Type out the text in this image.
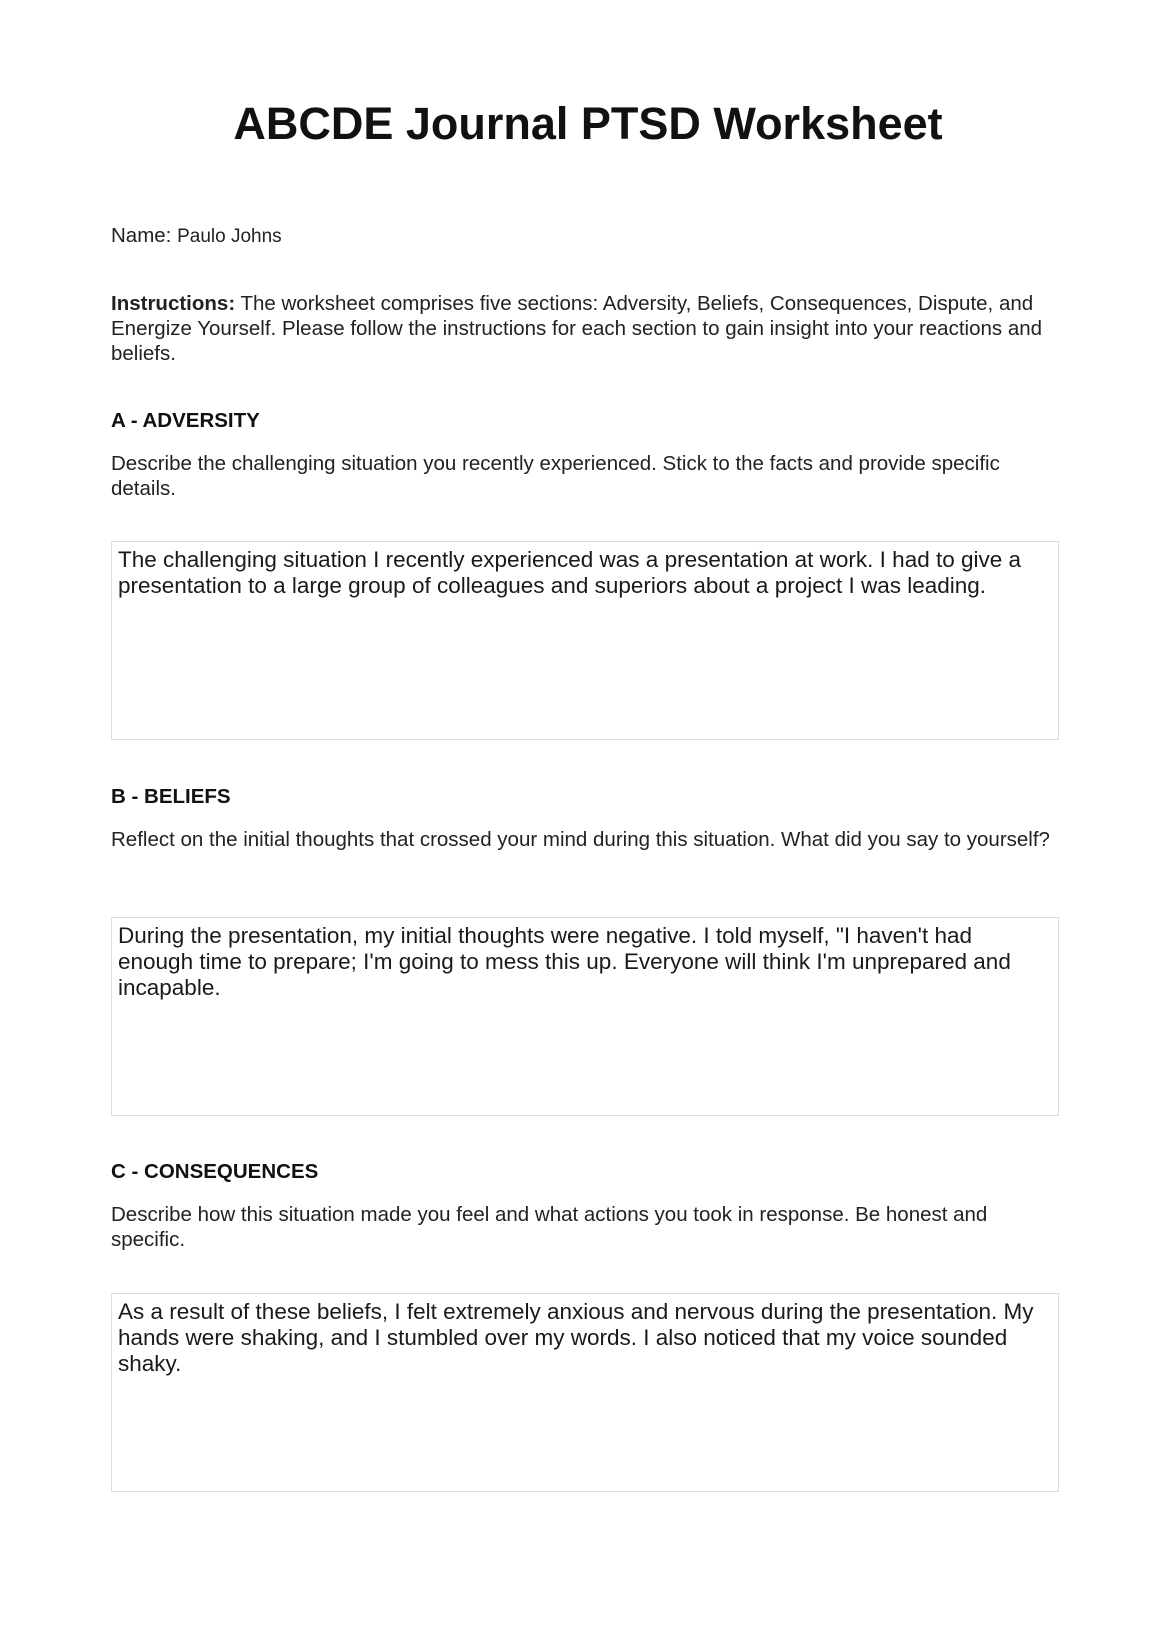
ABCDE Journal PTSD Worksheet
Name: Paulo Johns
Instructions: The worksheet comprises five sections: Adversity, Beliefs, Consequences, Dispute, and Energize Yourself. Please follow the instructions for each section to gain insight into your reactions and beliefs.
A - ADVERSITY
Describe the challenging situation you recently experienced. Stick to the facts and provide specific details.
The challenging situation I recently experienced was a presentation at work. I had to give a presentation to a large group of colleagues and superiors about a project I was leading.
B - BELIEFS
Reflect on the initial thoughts that crossed your mind during this situation. What did you say to yourself?
During the presentation, my initial thoughts were negative. I told myself, "I haven't had enough time to prepare; I'm going to mess this up. Everyone will think I'm unprepared and incapable.
C - CONSEQUENCES
Describe how this situation made you feel and what actions you took in response. Be honest and specific.
As a result of these beliefs, I felt extremely anxious and nervous during the presentation. My hands were shaking, and I stumbled over my words. I also noticed that my voice sounded shaky.
